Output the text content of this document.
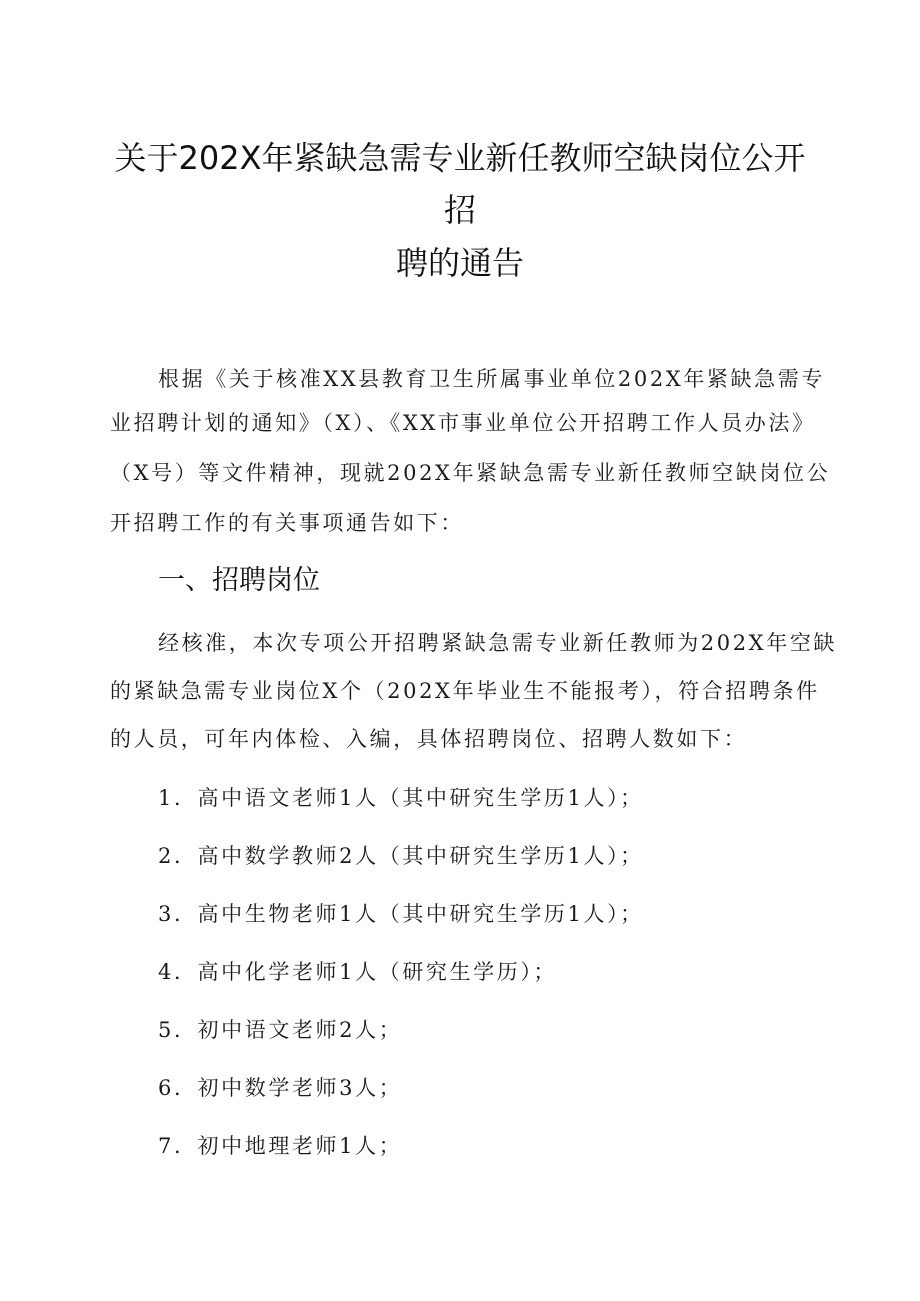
关于202X年紧缺急需专业新任教师空缺岗位公开
招
聘的通告
根据《关于核准XX县教育卫生所属事业单位202X年紧缺急需专
业招聘计划的通知》（X）、《XX市事业单位公开招聘工作人员办法》
（X号）等文件精神，现就202X年紧缺急需专业新任教师空缺岗位公
开招聘工作的有关事项通告如下：
一、招聘岗位
经核准，本次专项公开招聘紧缺急需专业新任教师为202X年空缺
的紧缺急需专业岗位X个（202X年毕业生不能报考），符合招聘条件
的人员，可年内体检、入编，具体招聘岗位、招聘人数如下：
1．高中语文老师1人（其中研究生学历1人）；
2．高中数学教师2人（其中研究生学历1人）；
3．高中生物老师1人（其中研究生学历1人）；
4．高中化学老师1人（研究生学历）；
5．初中语文老师2人；
6．初中数学老师3人；
7．初中地理老师1人；
